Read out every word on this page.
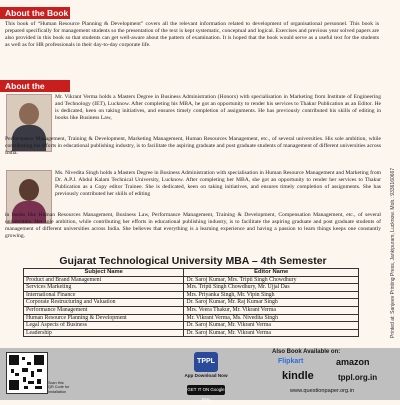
About the Book
This book of “Human Resource Planning & Development” covers all the relevant information related to development of organisational personnel. This book is prepared specifically for management students so the presentation of the text is kept systematic, conceptual and logical. Exercises and previous year solved papers are also provided in this book so that students can get well-aware about the pattern of examination. It is hoped that the book would serve as a useful text for the students as well as for HR professionals in their day-to-day corporate life.
About the
Mr. Vikrant Verma holds a Masters Degree in Business Administration (Honors) with specialisation in Marketing from Institute of Engineering and Technology (IET), Lucknow. After completing his MBA, he got an opportunity to render his services to Thakur Publication as an Editor. He is dedicated, keen on taking initiatives, and ensures timely completion of assignments. He has previously contributed his skills of editing in books like Business Law,
Performance Management, Training & Development, Marketing Management, Human Resources Management, etc., of several universities. His sole ambition, while contributing his efforts in educational publishing industry, is to facilitate the aspiring graduate and post graduate students of management of different universities across India.
Ms. Nivedita Singh holds a Masters Degree in Business Administration with specialisation in Human Resource Management and Marketing from Dr. A.P.J. Abdul Kalam Technical University, Lucknow. After completing her MBA, she got an opportunity to render her services to Thakur Publication as a Copy editor Trainee. She is dedicated, keen on taking initiatives, and ensures timely completion of assignments. She has previously contributed her skills of editing
in books like Human Resources Management, Business Law, Performance Management, Training & Development, Compensation Management, etc., of several universities. Her sole ambition, while contributing her efforts in educational publishing industry, is to facilitate the aspiring graduate and post graduate students of management of different universities across India. She believes that everything is a learning experience and having a passion to learn things keeps one constantly growing.
Gujarat Technological University MBA – 4th Semester
Subject Name	Editor Name
Product and Brand Management	Dr. Saroj Kumar, Mrs. Tripti Singh Chowdhury
Services Marketing	Mrs. Tripti Singh Chowdhury, Mr. Ujjal Das
International Finance	Mrs. Priyanka Singh, Mr. Vipin Singh
Corporate Restructuring and Valuation	Dr. Saroj Kumar, Mr. Raj Kumar Singh
Performance Management	Mrs. Veera Thakur, Mr. Vikrant Verma
Human Resource Planning & Development	Mr. Vikrant Verma, Ms. Nivedita Singh
Legal Aspects of Business	Dr. Saroj Kumar, Mr. Vikrant Verma
Leadership	Dr. Saroj Kumar, Mr. Vikrant Verma	Printed at: Sanjeev Printing Press, Jankipuram, Lucknow. Mob.: 9336160667
Scan this QR Code for Installation
TPPL
App Download Now
GET IT ON Google Play
Also Book Available on:
Flipkart	amazon
kindle	tppl.org.in
www.questionpaper.org.in
